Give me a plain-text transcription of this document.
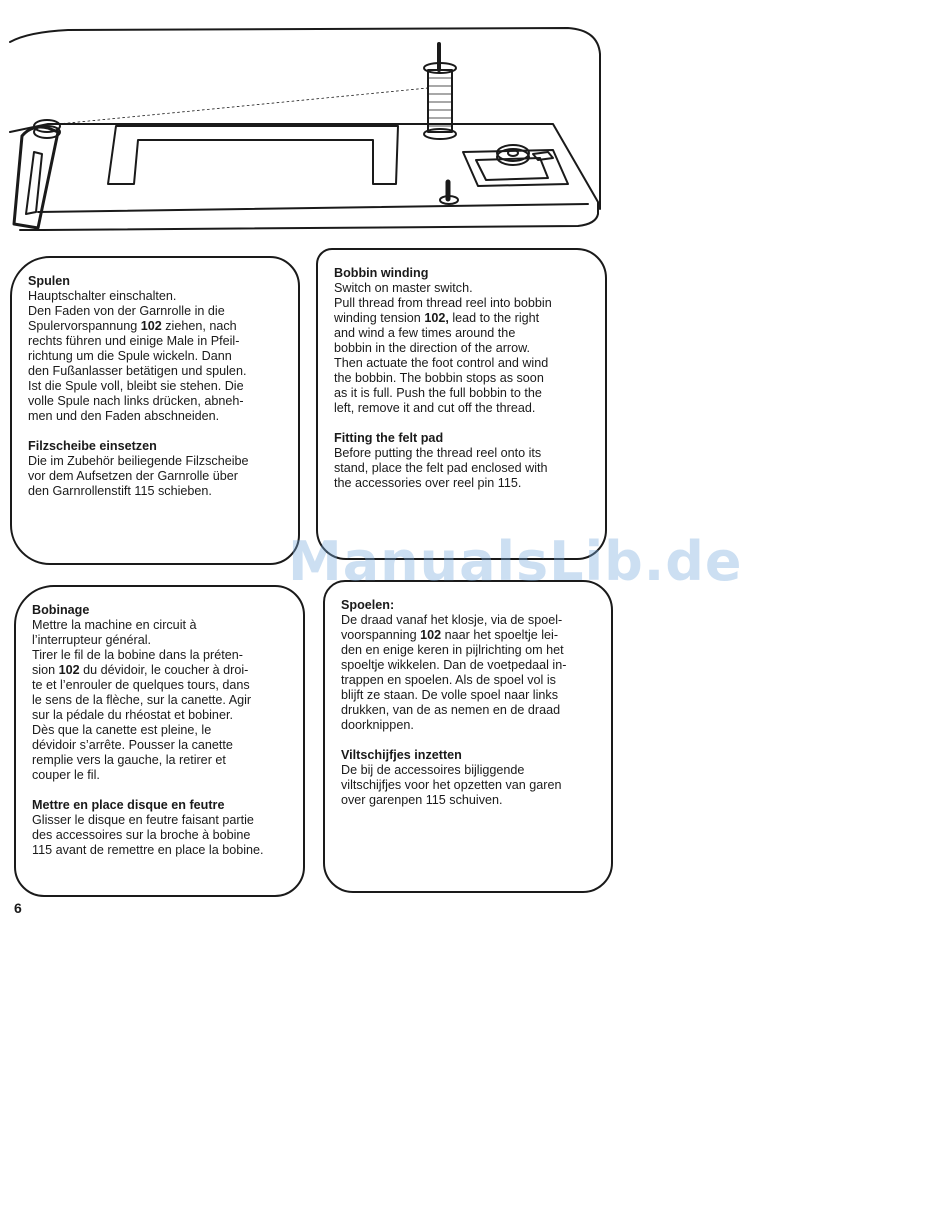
Spulen

Hauptschalter einschalten.
Den Faden von der Garnrolle in die
Spulervorspannung 102 ziehen, nach
rechts führen und einige Male in Pfeil-
richtung um die Spule wickeln. Dann
den Fußanlasser betätigen und spulen.
Ist die Spule voll, bleibt sie stehen. Die
volle Spule nach links drücken, abneh-
men und den Faden abschneiden.

Filzscheibe einsetzen

Die im Zubehör beiliegende Filzscheibe
vor dem Aufsetzen der Garnrolle über
den Garnrollenstift 115 schieben.

Bobbin winding

Switch on master switch.
Pull thread from thread reel into bobbin
winding tension 102, lead to the right
and wind a few times around the
bobbin in the direction of the arrow.
Then actuate the foot control and wind
the bobbin. The bobbin stops as soon
as it is full. Push the full bobbin to the
left, remove it and cut off the thread.

Fitting the felt pad

Before putting the thread reel onto its
stand, place the felt pad enclosed with
the accessories over reel pin 115.

Bobinage

Mettre la machine en circuit à
l’interrupteur général.
Tirer le fil de la bobine dans la préten-
sion 102 du dévidoir, le coucher à droi-
te et l’enrouler de quelques tours, dans
le sens de la flèche, sur la canette. Agir
sur la pédale du rhéostat et bobiner.
Dès que la canette est pleine, le
dévidoir s’arrête. Pousser la canette
remplie vers la gauche, la retirer et
couper le fil.

Mettre en place disque en feutre

Glisser le disque en feutre faisant partie
des accessoires sur la broche à bobine
115 avant de remettre en place la bobine.

Spoelen:

De draad vanaf het klosje, via de spoel-
voorspanning 102 naar het spoeltje lei-
den en enige keren in pijlrichting om het
spoeltje wikkelen. Dan de voetpedaal in-
trappen en spoelen. Als de spoel vol is
blijft ze staan. De volle spoel naar links
drukken, van de as nemen en de draad
doorknippen.

Viltschijfjes inzetten

De bij de accessoires bijliggende
viltschijfjes voor het opzetten van garen
over garenpen 115 schuiven.

ManualsLib.de
6
